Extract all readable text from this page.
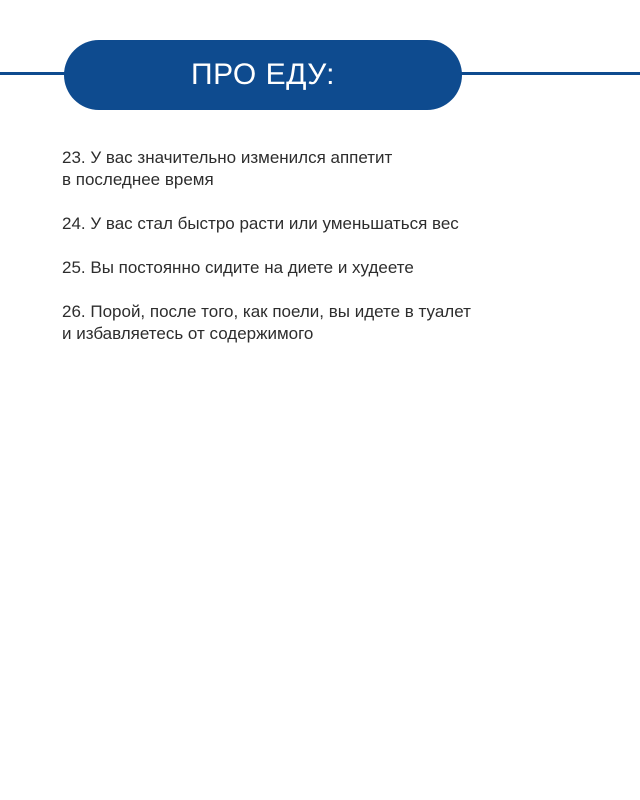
ПРО ЕДУ:
23. У вас значительно изменился аппетит
в последнее время
24. У вас стал быстро расти или уменьшаться вес
25. Вы постоянно сидите на диете и худеете
26. Порой, после того, как поели, вы идете в туалет
и избавляетесь от содержимого
